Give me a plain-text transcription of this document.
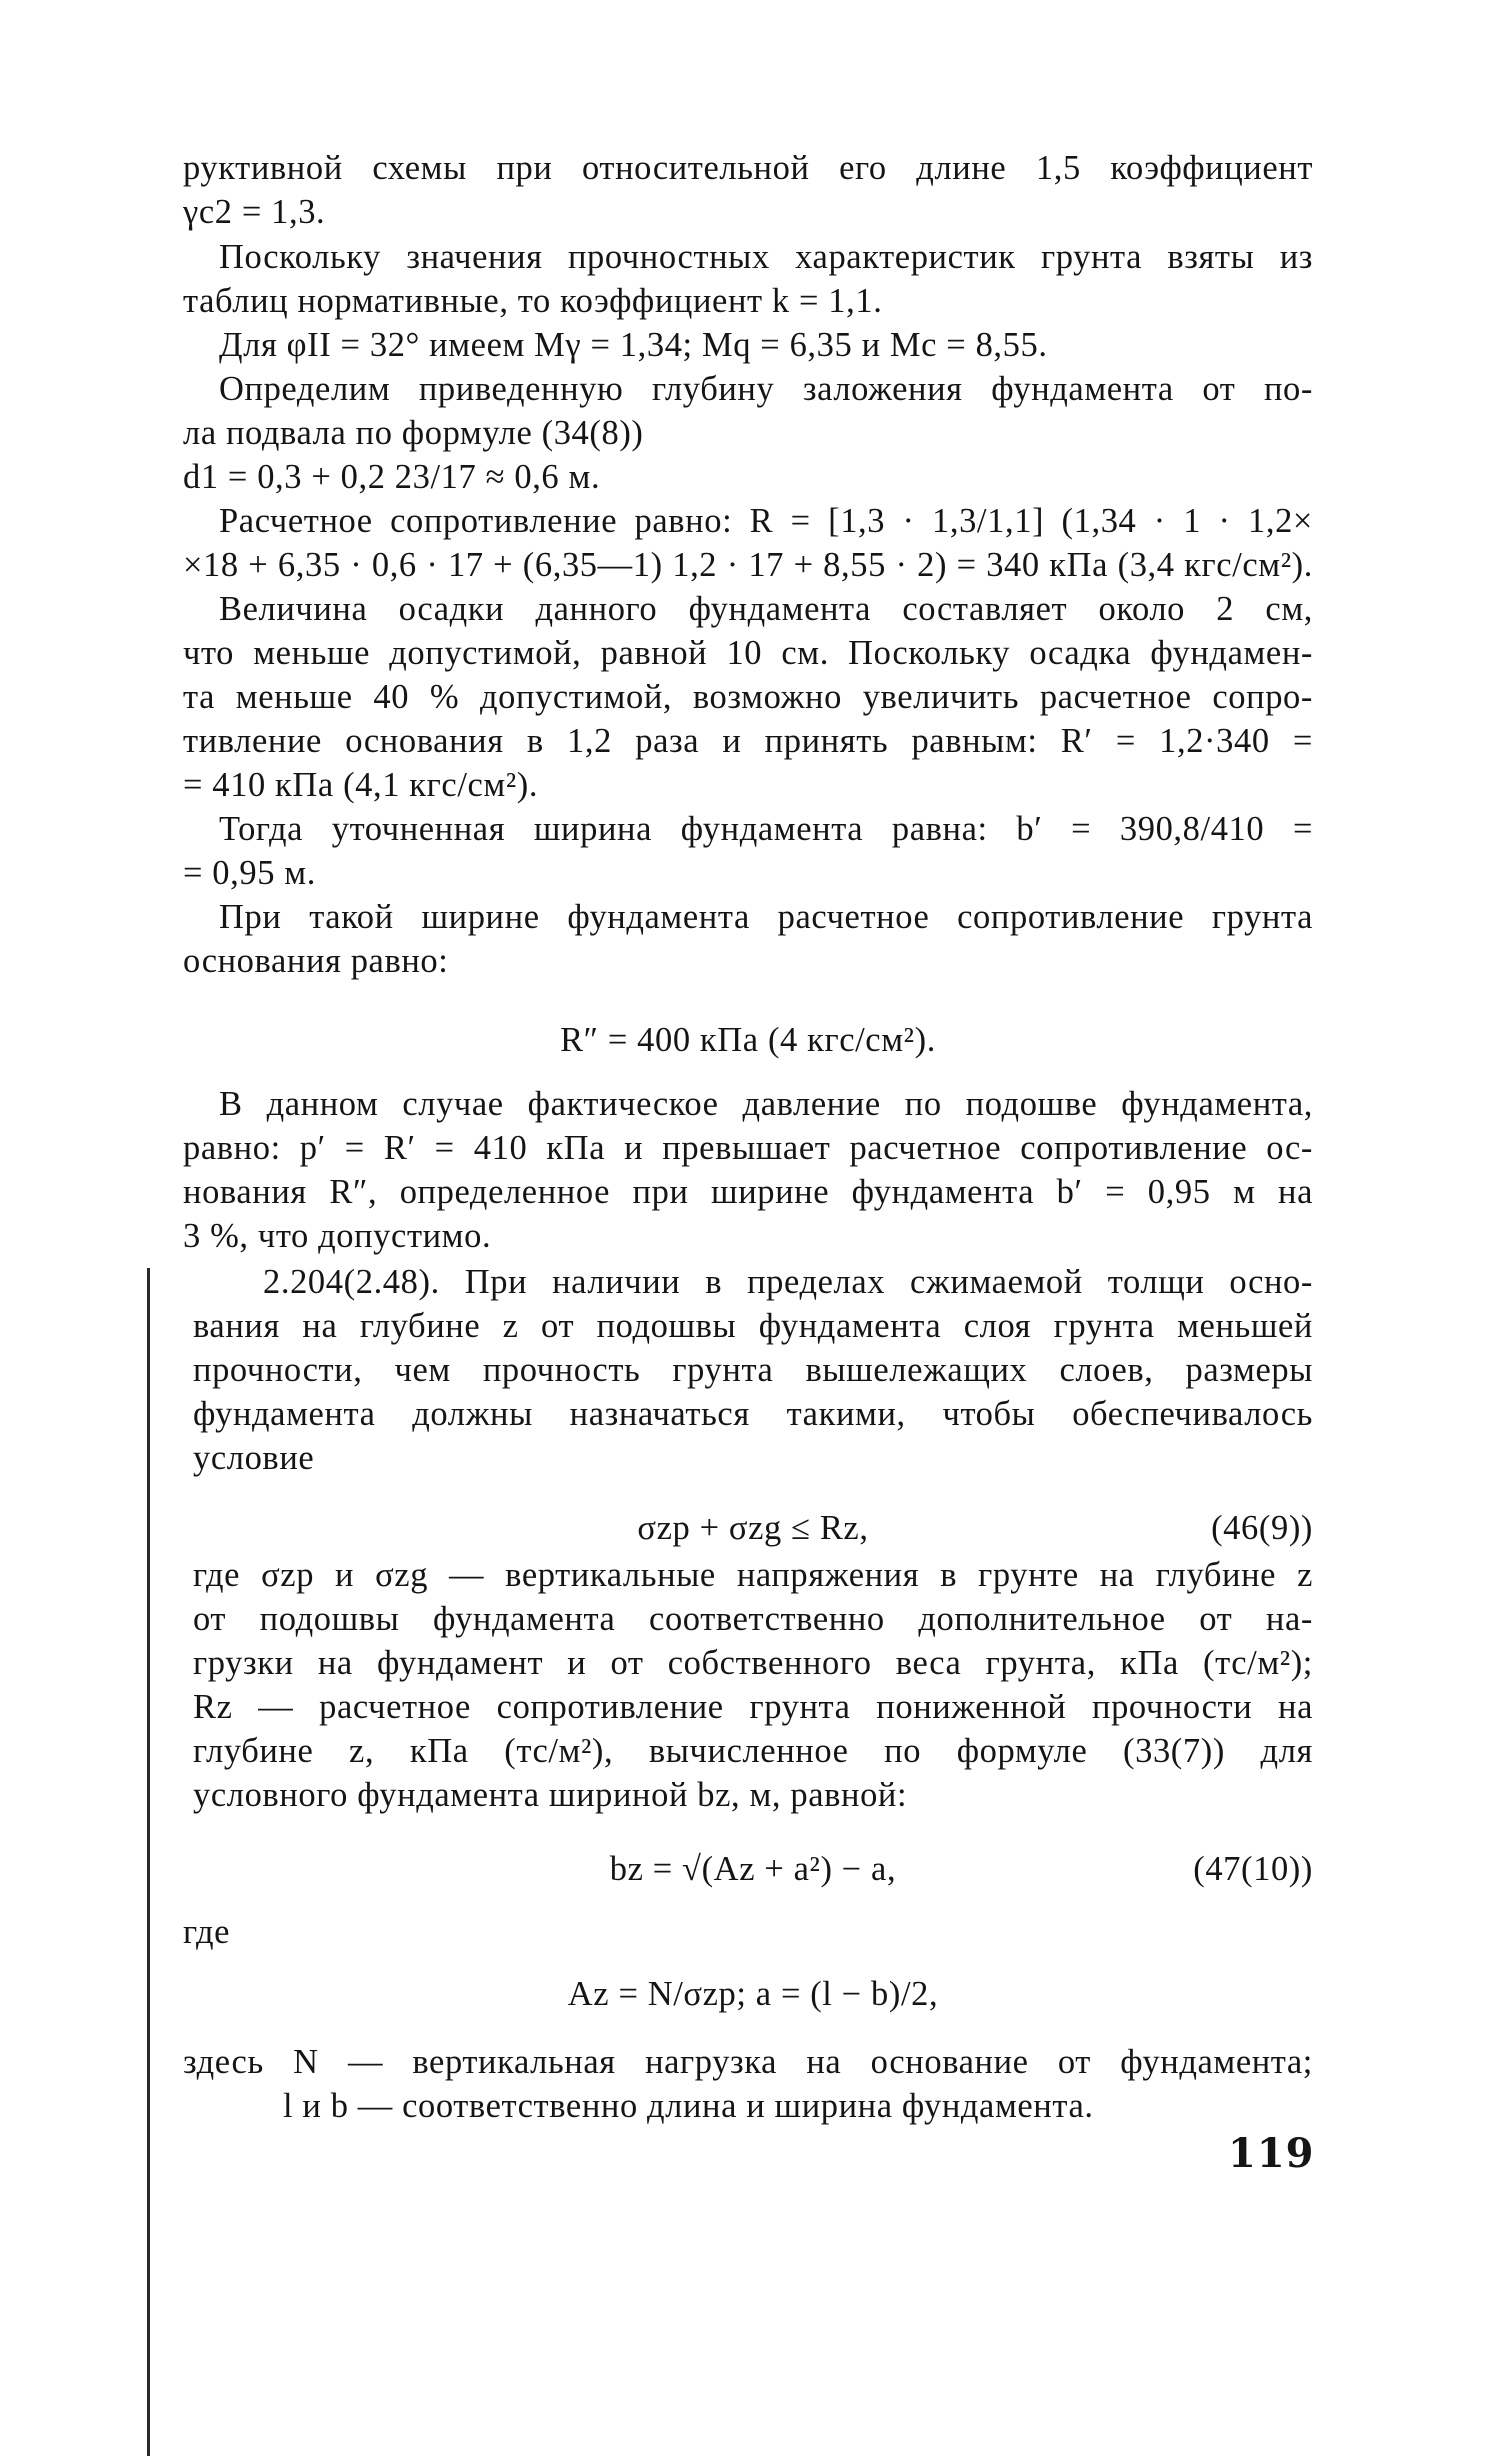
руктивной схемы при относительной его длине 1,5 коэффициент
γc2 = 1,3.
Поскольку значения прочностных характеристик грунта взяты из
таблиц нормативные, то коэффициент k = 1,1.
Для φII = 32° имеем Mγ = 1,34; Mq = 6,35 и Mc = 8,55.
Определим приведенную глубину заложения фундамента от по-
ла подвала по формуле (34(8))
d1 = 0,3 + 0,2 23/17 ≈ 0,6 м.
Расчетное сопротивление равно: R = [1,3 · 1,3/1,1] (1,34 · 1 · 1,2×
×18 + 6,35 · 0,6 · 17 + (6,35—1) 1,2 · 17 + 8,55 · 2) = 340 кПа (3,4 кгс/см²).
Величина осадки данного фундамента составляет около 2 см,
что меньше допустимой, равной 10 см. Поскольку осадка фундамен-
та меньше 40 % допустимой, возможно увеличить расчетное сопро-
тивление основания в 1,2 раза и принять равным: R′ = 1,2·340 =
= 410 кПа (4,1 кгс/см²).
Тогда уточненная ширина фундамента равна: b′ = 390,8/410 =
= 0,95 м.
При такой ширине фундамента расчетное сопротивление грунта
основания равно:
R″ = 400 кПа (4 кгс/см²).
В данном случае фактическое давление по подошве фундамента,
равно: p′ = R′ = 410 кПа и превышает расчетное сопротивление ос-
нования R″, определенное при ширине фундамента b′ = 0,95 м на
3 %, что допустимо.
2.204(2.48). При наличии в пределах сжимаемой толщи осно-
вания на глубине z от подошвы фундамента слоя грунта меньшей
прочности, чем прочность грунта вышележащих слоев, размеры
фундамента должны назначаться такими, чтобы обеспечивалось
условие
σzp + σzg ≤ Rz,	(46(9))
где σzp и σzg — вертикальные напряжения в грунте на глубине z
от подошвы фундамента соответственно дополнительное от на-
грузки на фундамент и от собственного веса грунта, кПа (тс/м²);
Rz — расчетное сопротивление грунта пониженной прочности на
глубине z, кПа (тс/м²), вычисленное по формуле (33(7)) для
условного фундамента шириной bz, м, равной:
bz = √(Az + a²) − a,	(47(10))
где
Az = N/σzp; a = (l − b)/2,
здесь N — вертикальная нагрузка на основание от фундамента;
l и b — соответственно длина и ширина фундамента.
119
